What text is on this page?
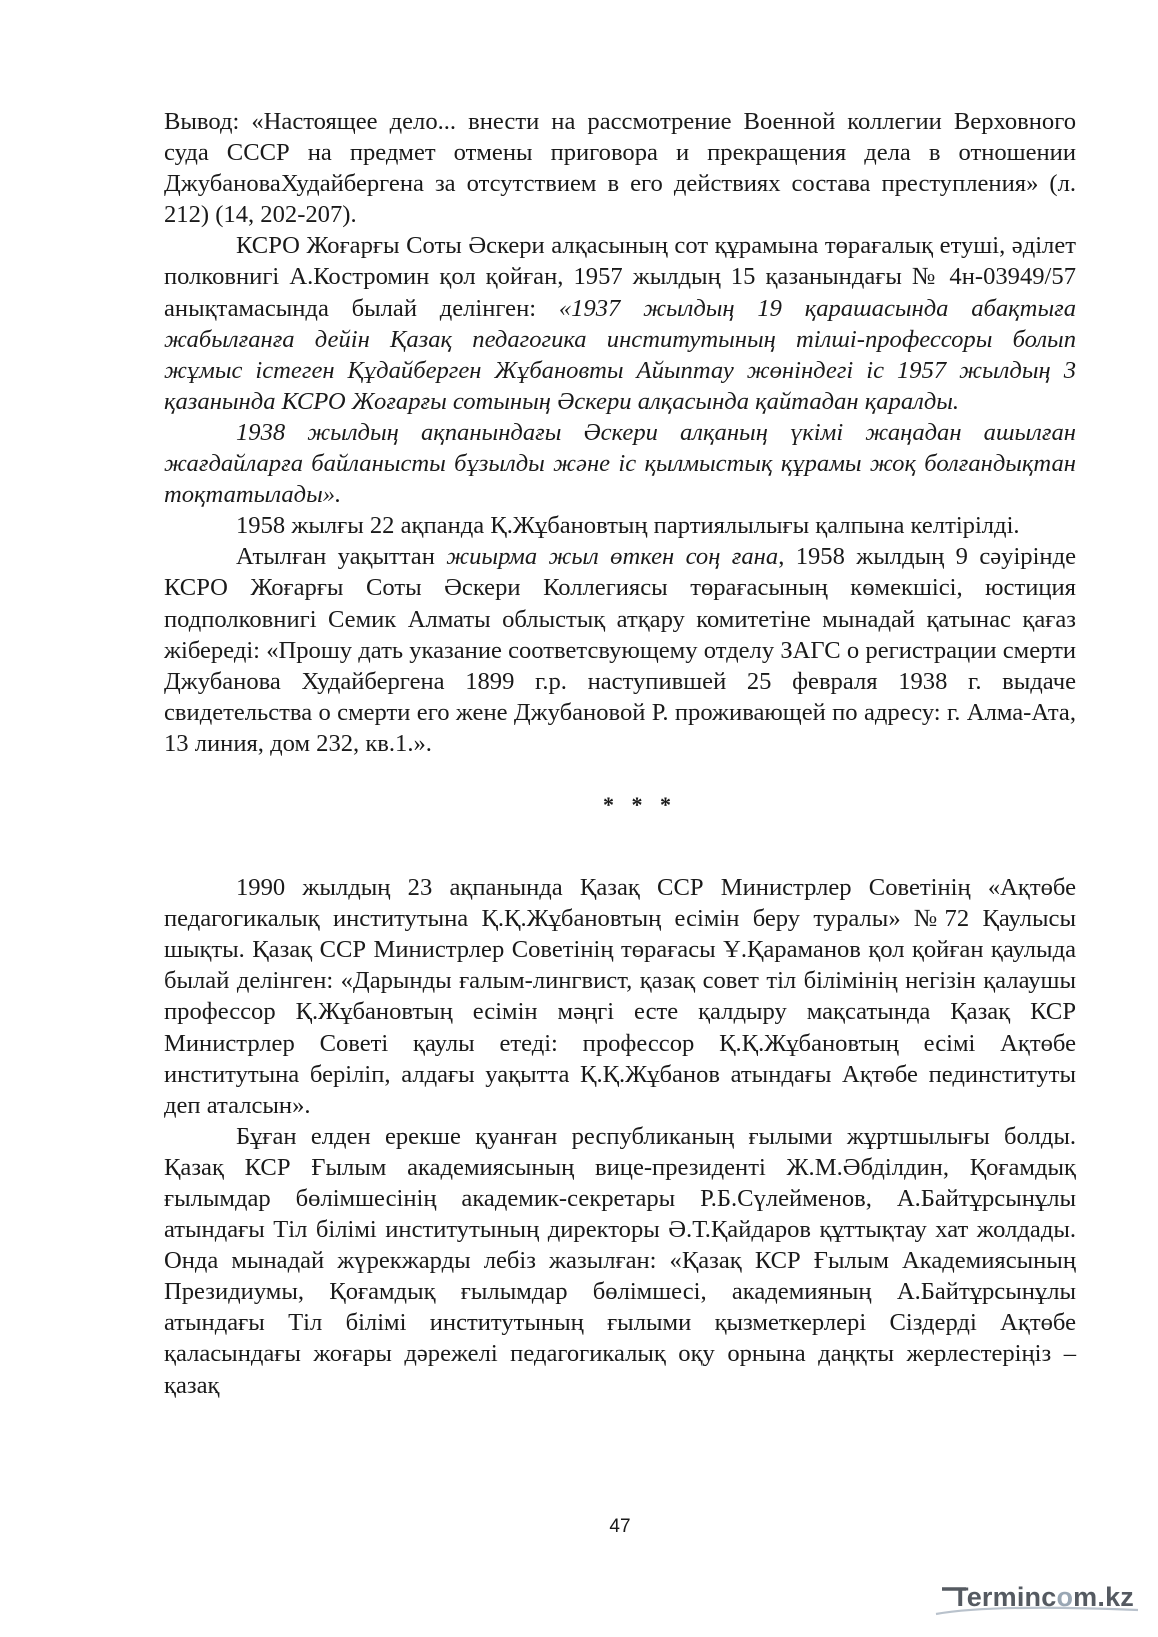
Вывод: «Настоящее дело... внести на рассмотрение Военной коллегии Верховного суда СССР на предмет отмены приговора и прекращения дела в отношении ДжубановаХудайбергена за отсутствием в его действиях состава преступления» (л. 212) (14, 202-207).

КСРО Жоғарғы Соты Әскери алқасының сот құрамына төрағалық етуші, әділет полковнигі А.Костромин қол қойған, 1957 жылдың 15 қазанындағы № 4н-03949/57 анықтамасында былай делінген: «1937 жылдың 19 қарашасында абақтыға жабылғанға дейін Қазақ педагогика институтының тілші-профессоры болып жұмыс істеген Құдайберген Жұбановты Айыптау жөніндегі іс 1957 жылдың 3 қазанында КСРО Жоғарғы сотының Әскери алқасында қайтадан қаралды.

1938 жылдың ақпанындағы Әскери алқаның үкімі жаңадан ашылған жағдайларға байланысты бұзылды және іс қылмыстық құрамы жоқ болғандықтан тоқтатылады».

1958 жылғы 22 ақпанда Қ.Жұбановтың партиялылығы қалпына келтірілді.

Атылған уақыттан жиырма жыл өткен соң ғана, 1958 жылдың 9 сәуірінде КСРО Жоғарғы Соты Әскери Коллегиясы төрағасының көмекшісі, юстиция подполковнигі Семик Алматы облыстық атқару комитетіне мынадай қатынас қағаз жібереді: «Прошу дать указание соответсвующему отделу ЗАГС о регистрации смерти Джубанова Худайбергена 1899 г.р. наступившей 25 февраля 1938 г. выдаче свидетельства о смерти его жене Джубановой Р. проживающей по адресу: г. Алма-Ата, 13 линия, дом 232, кв.1.».

* * *

1990 жылдың 23 ақпанында Қазақ ССР Министрлер Советінің «Ақтөбе педагогикалық институтына Қ.Қ.Жұбановтың есімін беру туралы» №72 Қаулысы шықты. Қазақ ССР Министрлер Советінің төрағасы Ұ.Қараманов қол қойған қаулыда былай делінген: «Дарынды ғалым-лингвист, қазақ совет тіл білімінің негізін қалаушы профессор Қ.Жұбановтың есімін мәңгі есте қалдыру мақсатында Қазақ КСР Министрлер Советі қаулы етеді: профессор Қ.Қ.Жұбановтың есімі Ақтөбе институтына беріліп, алдағы уақытта Қ.Қ.Жұбанов атындағы Ақтөбе пединституты деп аталсын».

Бұған елден ерекше қуанған республиканың ғылыми жұртшылығы болды. Қазақ КСР Ғылым академиясының вице-президенті Ж.М.Әбділдин, Қоғамдық ғылымдар бөлімшесінің академик-секретары Р.Б.Сүлейменов, А.Байтұрсынұлы атындағы Тіл білімі институтының директоры Ә.Т.Қайдаров құттықтау хат жолдады. Онда мынадай жүрекжарды лебіз жазылған: «Қазақ КСР Ғылым Академиясының Президиумы, Қоғамдық ғылымдар бөлімшесі, академияның А.Байтұрсынұлы атындағы Тіл білімі институтының ғылыми қызметкерлері Сіздерді Ақтөбе қаласындағы жоғары дәрежелі педагогикалық оқу орнына даңқты жерлестеріңіз – қазақ

47
Termincom.kz
